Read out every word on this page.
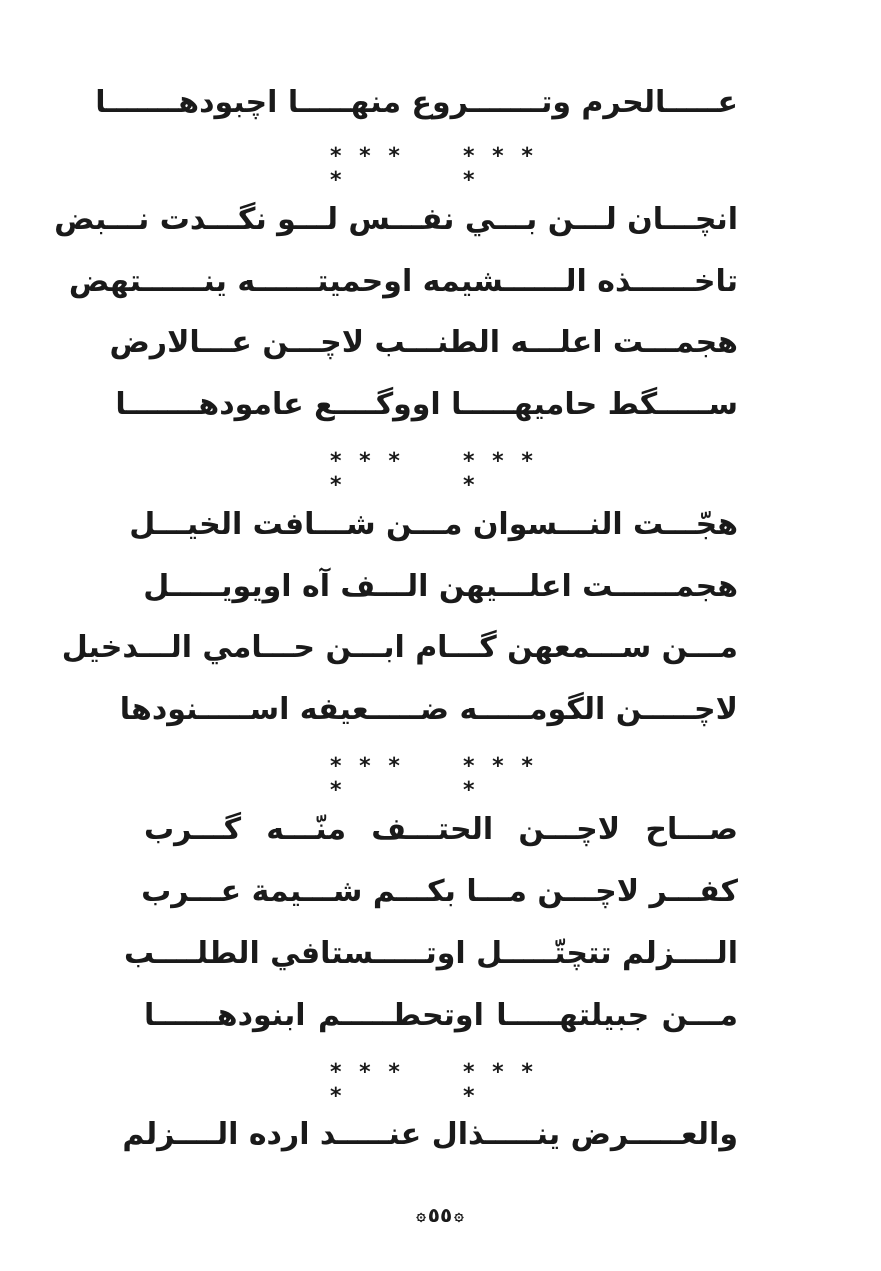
عـــــالحرم وتـــــــروع منهـــــا اچبودهـــــــا
* * * *
* * * *
انچـــان لـــن بـــي نفـــس لـــو نگـــدت نـــبض
تاخــــــذه الــــــشيمه اوحميتــــــه ينــــــتهض
هجمـــت اعلـــه الطنـــب لاچـــن عـــالارض
ســـــگط حاميهـــــا اووگــــع عامودهـــــــا
* * * *
* * * *
هجّـــت النـــسوان مـــن شـــافت الخيـــل
هجمــــــت اعلـــيهن الـــف آه اويويـــــل
مـــن ســـمعهن گـــام ابـــن حـــامي الـــدخيل
لاچـــــن الگومـــــه ضـــــعيفه اســـــنودها
* * * *
* * * *
صـــاح لاچـــن الحتـــف منّـــه گـــرب
كفـــر لاچـــن مـــا بكـــم شـــيمة عـــرب
الــــزلم تتچتّـــــل اوتـــــستافي الطلــــب
مـــن جبيلتهـــــا اوتحطـــــم ابنودهــــــا
* * * *
* * * *
والعـــــرض ينـــــذال عنـــــد ارده الــــزلم
۞
٥٥
۞
